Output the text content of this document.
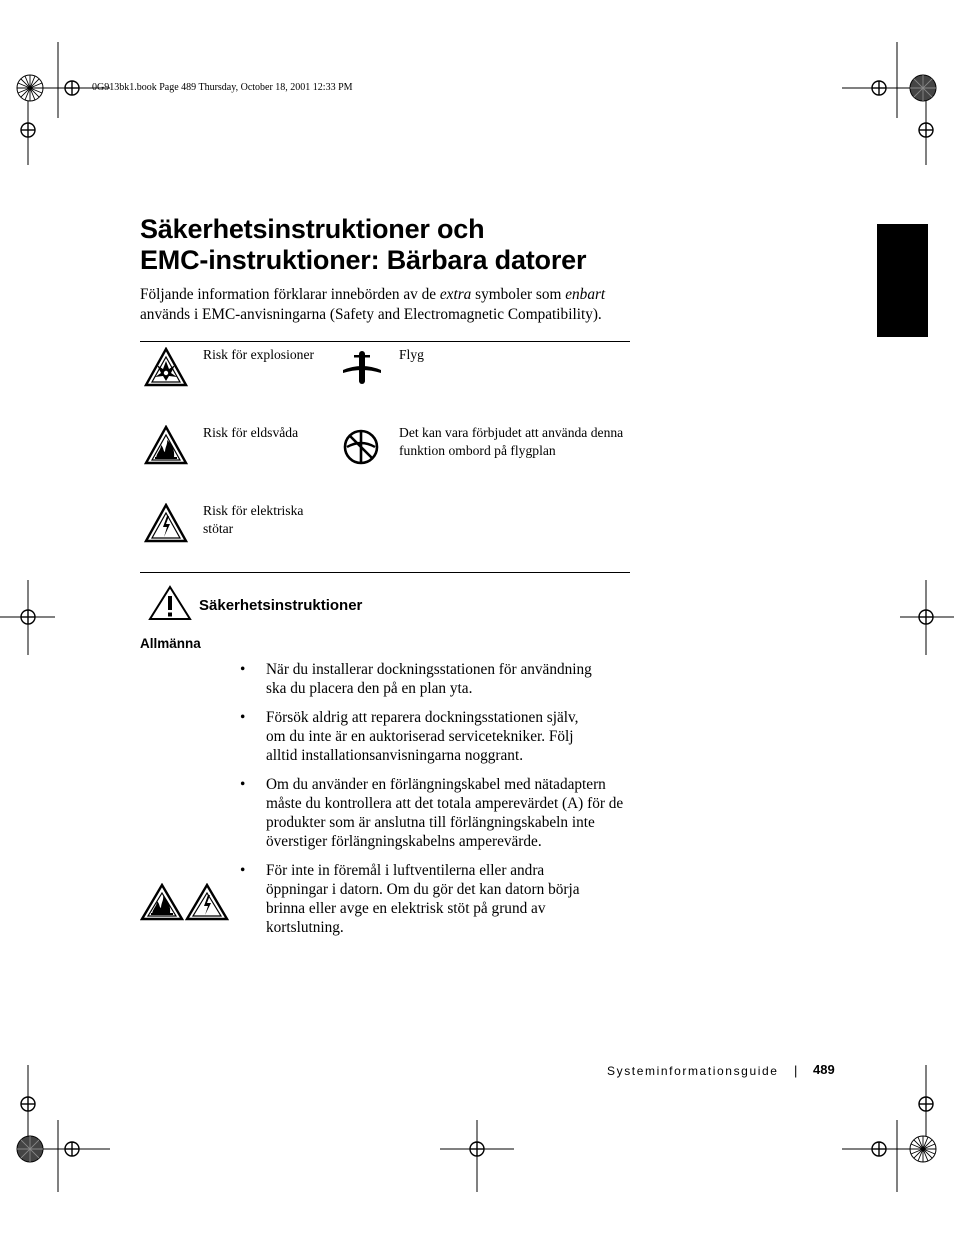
0G913bk1.book Page 489 Thursday, October 18, 2001 12:33 PM
Säkerhetsinstruktioner och
EMC-instruktioner: Bärbara datorer

Följande information förklarar innebörden av de extra symboler som enbart används i EMC-anvisningarna (Safety and Electromagnetic Compatibility).

Risk för explosioner	Flyg
Risk för eldsvåda	Det kan vara förbjudet att använda denna funktion ombord på flygplan
Risk för elektriska stötar
Säkerhetsinstruktioner
Allmänna
• När du installerar dockningsstationen för användning ska du placera den på en plan yta.
• Försök aldrig att reparera dockningsstationen själv, om du inte är en auktoriserad servicetekniker. Följ alltid installationsanvisningarna noggrant.
• Om du använder en förlängningskabel med nätadaptern måste du kontrollera att det totala amperevärdet (A) för de produkter som är anslutna till förlängningskabeln inte överstiger förlängningskabelns amperevärde.
• För inte in föremål i luftventilerna eller andra öppningar i datorn. Om du gör det kan datorn börja brinna eller avge en elektrisk stöt på grund av kortslutning.
Systeminformationsguide | 489
